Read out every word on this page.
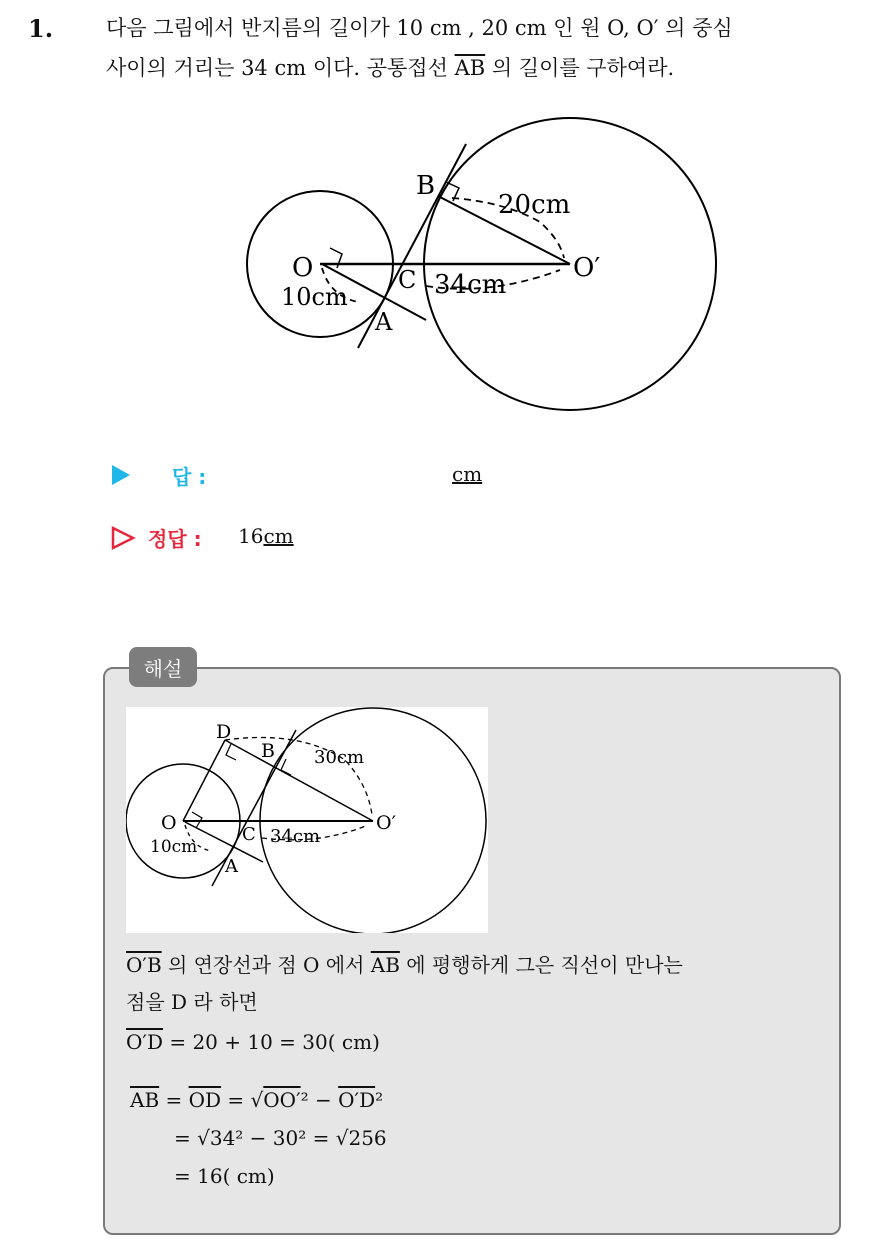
1.	다음 그림에서 반지름의 길이가 10 cm , 20 cm 인 원 O, O′ 의 중심
사이의 거리는 34 cm 이다. 공통접선 $\overline{AB}$ 의 길이를 구하여라.
B
O	O′
C
A
10cm
20cm
34cm
답 :	cm
정답 : 16cm
해설
D
B
O	O′
C
A
10cm
30cm
34cm
O′B 의 연장선과 점 O 에서 $\overline{AB}$ 에 평행하게 그은 직선이 만나는
점을 D 라 하면
O′D = 20 + 10 = 30( cm)
$\overline{AB} = \overline{OD} = √OO'^2 - O'D^2$
= √34² − 30² = √256
= 16( cm)
